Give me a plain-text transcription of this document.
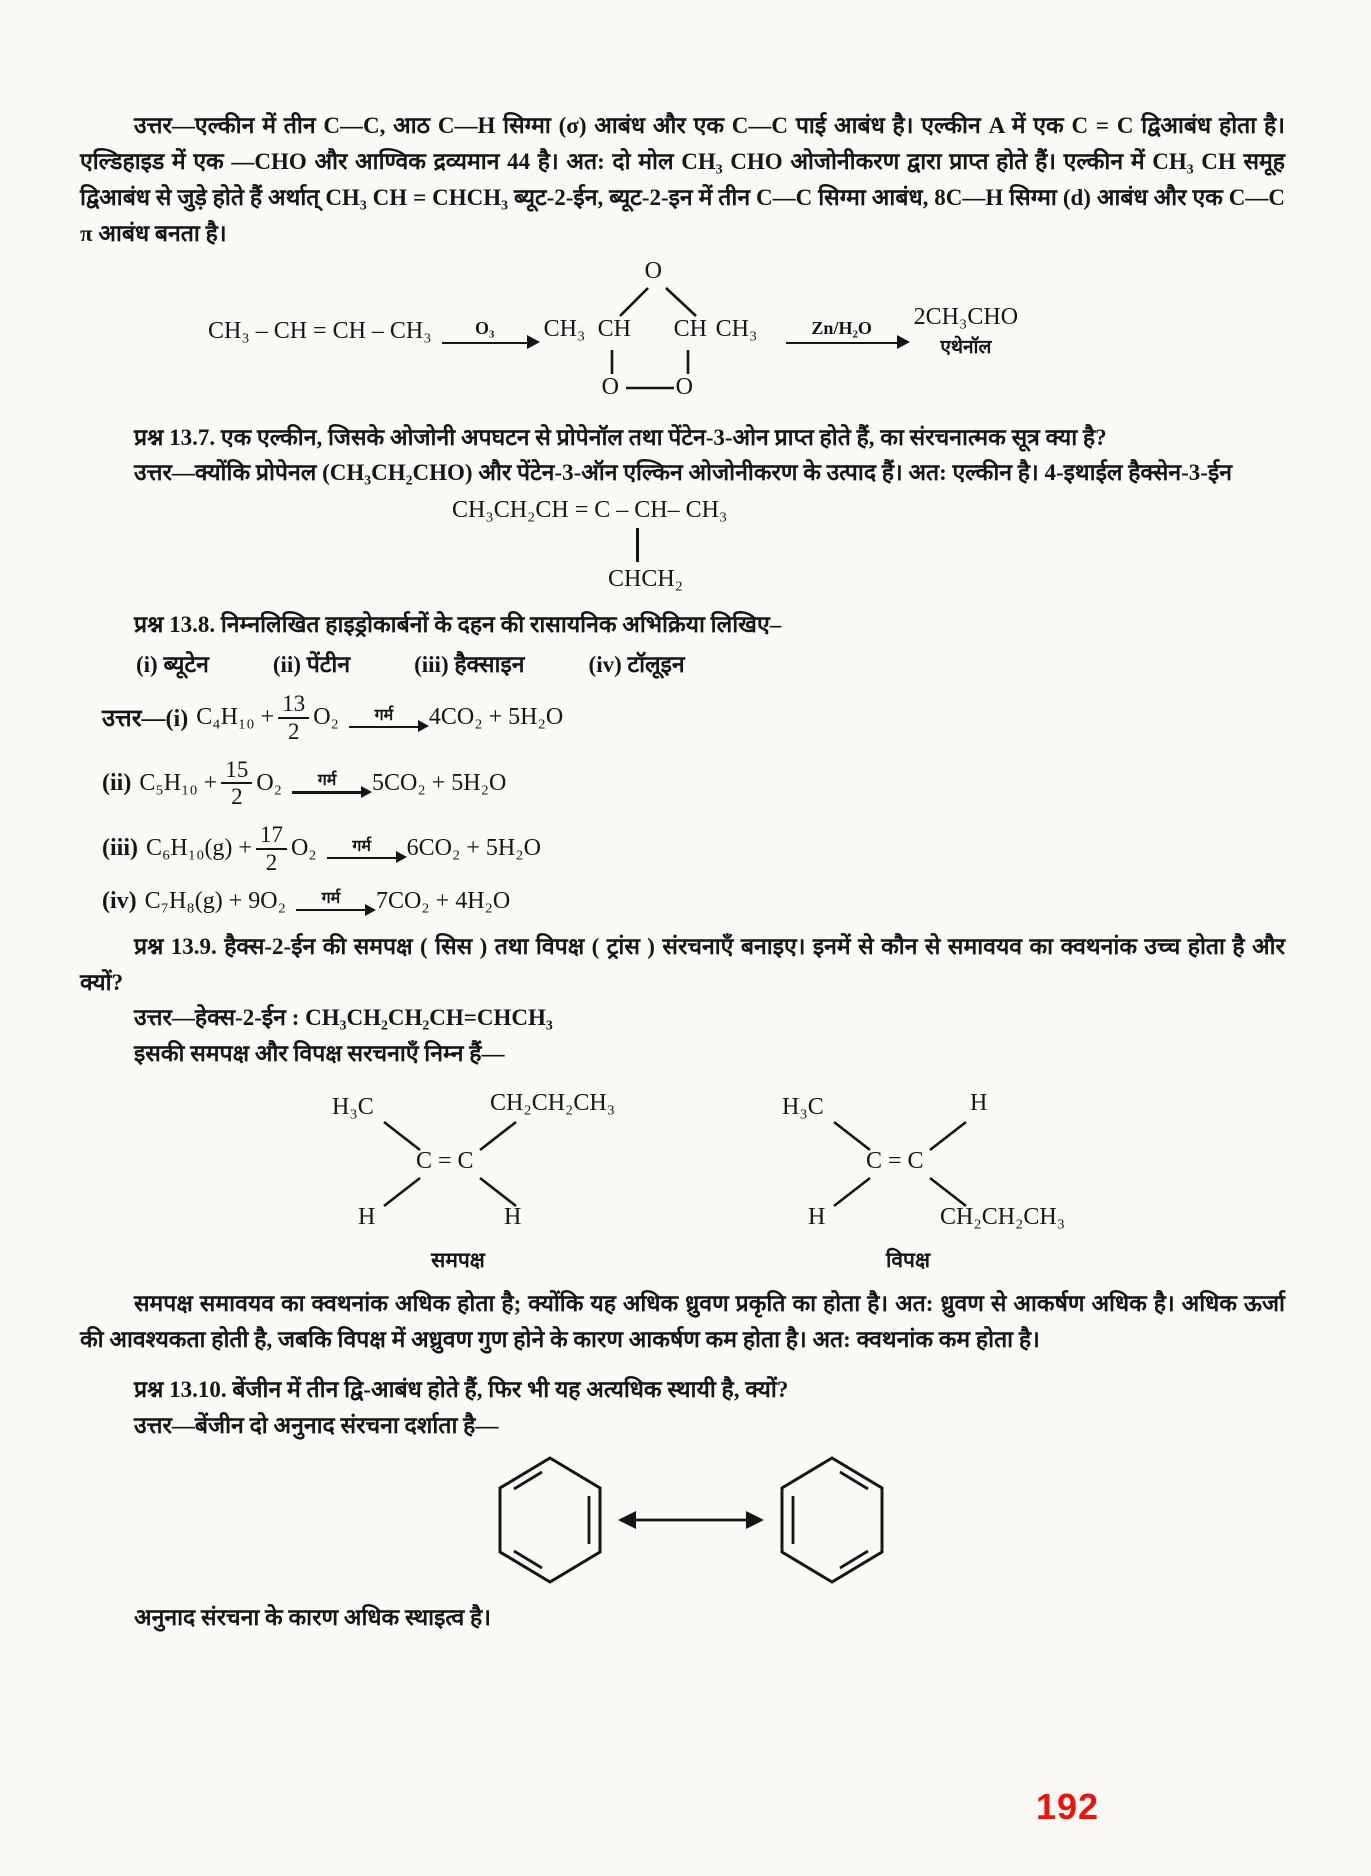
उत्तर—एल्कीन में तीन C—C, आठ C—H सिग्मा (σ) आबंध और एक C—C पाई आबंध है। एल्कीन A में एक C = C द्विआबंध होता है। एल्डिहाइड में एक —CHO और आण्विक द्रव्यमान 44 है। अत: दो मोल CH₃ CHO ओजोनीकरण द्वारा प्राप्त होते हैं। एल्कीन में CH₃ CH समूह द्विआबंध से जुड़े होते हैं अर्थात् CH₃ CH = CHCH₃ ब्यूट-2-ईन, ब्यूट-2-इन में तीन C—C सिग्मा आबंध, 8C—H सिग्मा (d) आबंध और एक C—C π आबंध बनता है।

CH₃ – CH = CH – CH₃ O₃
O
CH₃ CH CH CH₃
O O
Zn/H₂O 2CH₃CHO
एथेनॉल

प्रश्न 13.7. एक एल्कीन, जिसके ओजोनी अपघटन से प्रोपेनॉल तथा पेंटेन-3-ओन प्राप्त होते हैं, का संरचनात्मक सूत्र क्या है?

उत्तर—क्योंकि प्रोपेनल (CH₃CH₂CHO) और पेंटेन-3-ऑन एल्किन ओजोनीकरण के उत्पाद हैं। अत: एल्कीन है। 4-इथाईल हैक्सेन-3-ईन

CH₃CH₂CH = C – CH– CH₃
CHCH₂

प्रश्न 13.8. निम्नलिखित हाइड्रोकार्बनों के दहन की रासायनिक अभिक्रिया लिखिए–

(i) ब्यूटेन	(ii) पेंटीन	(iii) हैक्साइन	(iv) टॉलूइन
उत्तर—(i) $C_4H_{10} + \frac{13}{2} O_2$ गर्म 4CO₂ + 5H₂O
(ii) $C_5H_{10} + \frac{15}{2} O_2$ गर्म 5CO₂ + 5H₂O
(iii) $C_6H_{10}(g) + \frac{17}{2} O_2$ गर्म 6CO₂ + 5H₂O
(iv) C₇H₈(g) + 9O₂ गर्म 7CO₂ + 4H₂O

प्रश्न 13.9. हैक्स-2-ईन की समपक्ष ( सिस ) तथा विपक्ष ( ट्रांस ) संरचनाएँ बनाइए। इनमें से कौन से समावयव का क्वथनांक उच्च होता है और क्यों?

उत्तर—हेक्स-2-ईन : CH₃CH₂CH₂CH=CHCH₃

इसकी समपक्ष और विपक्ष सरचनाएँ निम्न हैं—

H₃C	CH₂CH₂CH₃
C = C
H	H
समपक्ष
H₃C	H
C = C
H	CH₂CH₂CH₃
विपक्ष

समपक्ष समावयव का क्वथनांक अधिक होता है; क्योंकि यह अधिक ध्रुवण प्रकृति का होता है। अत: ध्रुवण से आकर्षण अधिक है। अधिक ऊर्जा की आवश्यकता होती है, जबकि विपक्ष में अध्रुवण गुण होने के कारण आकर्षण कम होता है। अत: क्वथनांक कम होता है।

प्रश्न 13.10. बेंजीन में तीन द्वि-आबंध होते हैं, फिर भी यह अत्यधिक स्थायी है, क्यों?

उत्तर—बेंजीन दो अनुनाद संरचना दर्शाता है—

अनुनाद संरचना के कारण अधिक स्थाइत्व है।

192
